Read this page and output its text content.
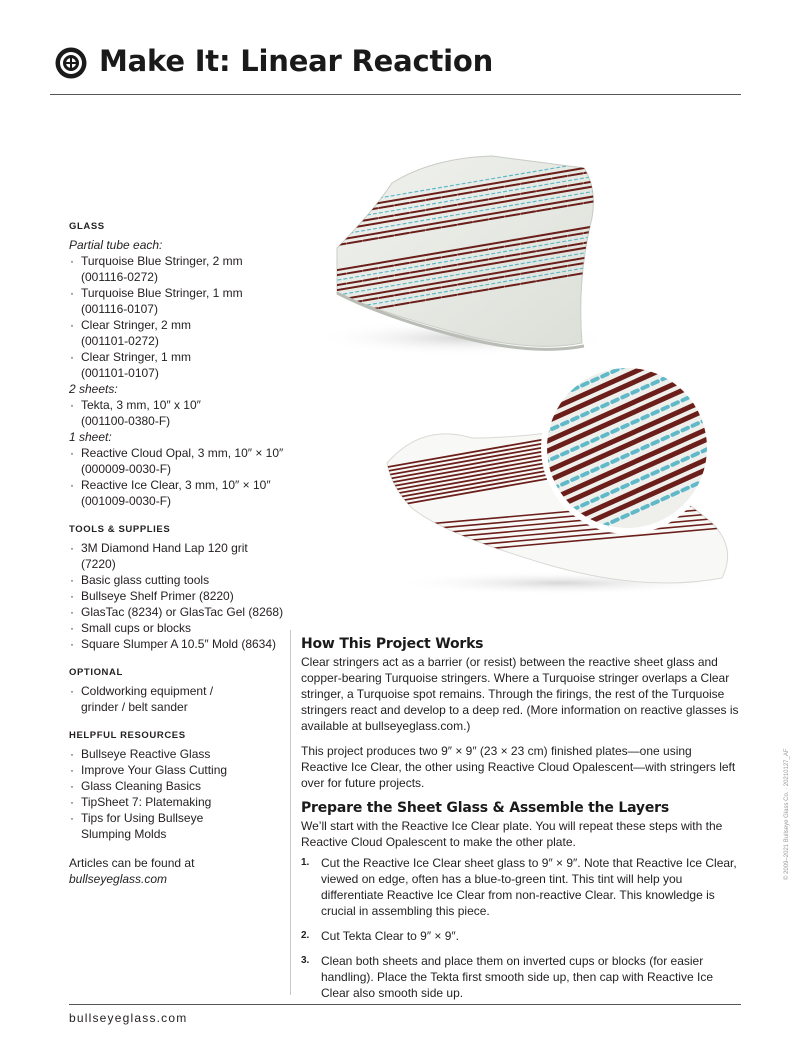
Make It: Linear Reaction
GLASS
Partial tube each:
· Turquoise Blue Stringer, 2 mm
(001116-0272)
· Turquoise Blue Stringer, 1 mm
(001116-0107)
· Clear Stringer, 2 mm
(001101-0272)
· Clear Stringer, 1 mm
(001101-0107)
2 sheets:
· Tekta, 3 mm, 10″ x 10″
(001100-0380-F)
1 sheet:
· Reactive Cloud Opal, 3 mm, 10″ × 10″
(000009-0030-F)
· Reactive Ice Clear, 3 mm, 10″ × 10″
(001009-0030-F)
TOOLS & SUPPLIES
· 3M Diamond Hand Lap 120 grit
(7220)
· Basic glass cutting tools
· Bullseye Shelf Primer (8220)
· GlasTac (8234) or GlasTac Gel (8268)
· Small cups or blocks
· Square Slumper A 10.5″ Mold (8634)
OPTIONAL
· Coldworking equipment /
grinder / belt sander
HELPFUL RESOURCES
· Bullseye Reactive Glass
· Improve Your Glass Cutting
· Glass Cleaning Basics
· TipSheet 7: Platemaking
· Tips for Using Bullseye
Slumping Molds
Articles can be found at
bullseyeglass.com
How This Project Works

Clear stringers act as a barrier (or resist) between the reactive sheet glass and copper-bearing Turquoise stringers. Where a Turquoise stringer overlaps a Clear stringer, a Turquoise spot remains. Through the firings, the rest of the Turquoise stringers react and develop to a deep red. (More information on reactive glasses is available at bullseyeglass.com.)

This project produces two 9″ × 9″ (23 × 23 cm) finished plates—one using Reactive Ice Clear, the other using Reactive Cloud Opalescent—with stringers left over for future projects.

Prepare the Sheet Glass & Assemble the Layers
We’ll start with the Reactive Ice Clear plate. You will repeat these steps with the Reactive Cloud Opalescent to make the other plate.
1. Cut the Reactive Ice Clear sheet glass to 9″ × 9″. Note that Reactive Ice Clear, viewed on edge, often has a blue-to-green tint. This tint will help you differentiate Reactive Ice Clear from non-reactive Clear. This knowledge is crucial in assembling this piece.
2. Cut Tekta Clear to 9″ × 9″.
3. Clean both sheets and place them on inverted cups or blocks (for easier handling). Place the Tekta first smooth side up, then cap with Reactive Ice Clear also smooth side up.
© 2009–2021 Bullseye Glass Co. · 20210127_AF
bullseyeglass.com
